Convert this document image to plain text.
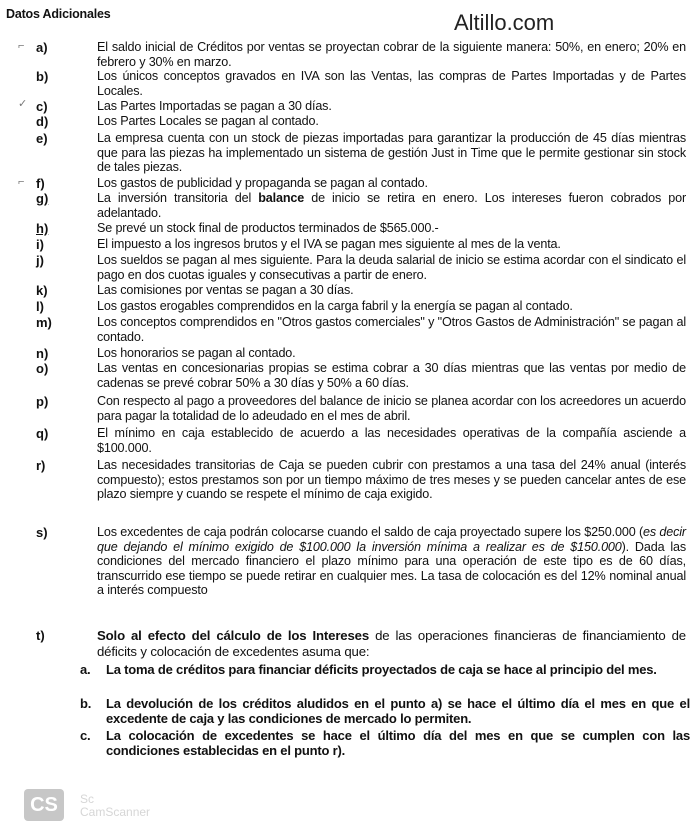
Datos Adicionales	Altillo.com
⌐ a)	El saldo inicial de Créditos por ventas se proyectan cobrar de la siguiente manera: 50%, en enero; 20% en febrero y 30% en marzo.
b)	Los únicos conceptos gravados en IVA son las Ventas, las compras de Partes Importadas y de Partes Locales.
✓ c)	Las Partes Importadas se pagan a 30 días.
d)	Los Partes Locales se pagan al contado.
e)	La empresa cuenta con un stock de piezas importadas para garantizar la producción de 45 días mientras que para las piezas ha implementado un sistema de gestión Just in Time que le permite gestionar sin stock de tales piezas.
⌐ f)	Los gastos de publicidad y propaganda se pagan al contado.
g)	La inversión transitoria del balance de inicio se retira en enero. Los intereses fueron cobrados por adelantado.
h)	Se prevé un stock final de productos terminados de $565.000.-
i)	El impuesto a los ingresos brutos y el IVA se pagan mes siguiente al mes de la venta.
j)	Los sueldos se pagan al mes siguiente. Para la deuda salarial de inicio se estima acordar con el sindicato el pago en dos cuotas iguales y consecutivas a partir de enero.
k)	Las comisiones por ventas se pagan a 30 días.
l)	Los gastos erogables comprendidos en la carga fabril y la energía se pagan al contado.
m)	Los conceptos comprendidos en "Otros gastos comerciales" y "Otros Gastos de Administración" se pagan al contado.
n)	Los honorarios se pagan al contado.
o)	Las ventas en concesionarias propias se estima cobrar a 30 días mientras que las ventas por medio de cadenas se prevé cobrar 50% a 30 días y 50% a 60 días.
p)	Con respecto al pago a proveedores del balance de inicio se planea acordar con los acreedores un acuerdo para pagar la totalidad de lo adeudado en el mes de abril.
q)	El mínimo en caja establecido de acuerdo a las necesidades operativas de la compañía asciende a $100.000.
r)	Las necesidades transitorias de Caja se pueden cubrir con prestamos a una tasa del 24% anual (interés compuesto); estos prestamos son por un tiempo máximo de tres meses y se pueden cancelar antes de ese plazo siempre y cuando se respete el mínimo de caja exigido.
s)	Los excedentes de caja podrán colocarse cuando el saldo de caja proyectado supere los $250.000 (es decir que dejando el mínimo exigido de $100.000 la inversión mínima a realizar es de $150.000). Dada las condiciones del mercado financiero el plazo mínimo para una operación de este tipo es de 60 días, transcurrido ese tiempo se puede retirar en cualquier mes. La tasa de colocación es del 12% nominal anual a interés compuesto
t)	Solo al efecto del cálculo de los Intereses de las operaciones financieras de financiamiento de déficits y colocación de excedentes asuma que:
a. La toma de créditos para financiar déficits proyectados de caja se hace al principio del mes.
b. La devolución de los créditos aludidos en el punto a) se hace el último día el mes en que el excedente de caja y las condiciones de mercado lo permiten.
c. La colocación de excedentes se hace el último día del mes en que se cumplen con las condiciones establecidas en el punto r).
CS	Sc
CamScanner
